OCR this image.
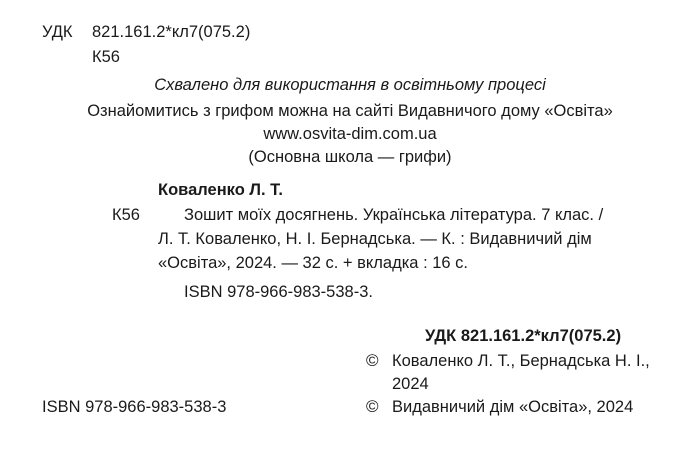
УДК 821.161.2*кл7(075.2)
К56
Схвалено для використання в освітньому процесі
Ознайомитись з грифом можна на сайті Видавничого дому «Освіта»
www.osvita-dim.com.ua
(Основна школа — грифи)
Коваленко Л. Т.
К56	Зошит моїх досягнень. Українська література. 7 клас. /
Л. Т. Коваленко, Н. І. Бернадська. — К. : Видавничий дім
«Освіта», 2024. — 32 с. + вкладка : 16 с.
ISBN 978-966-983-538-3.
УДК 821.161.2*кл7(075.2)
© Коваленко Л. Т., Бернадська Н. І.,
2024
© Видавничий дім «Освіта», 2024
ISBN 978-966-983-538-3
